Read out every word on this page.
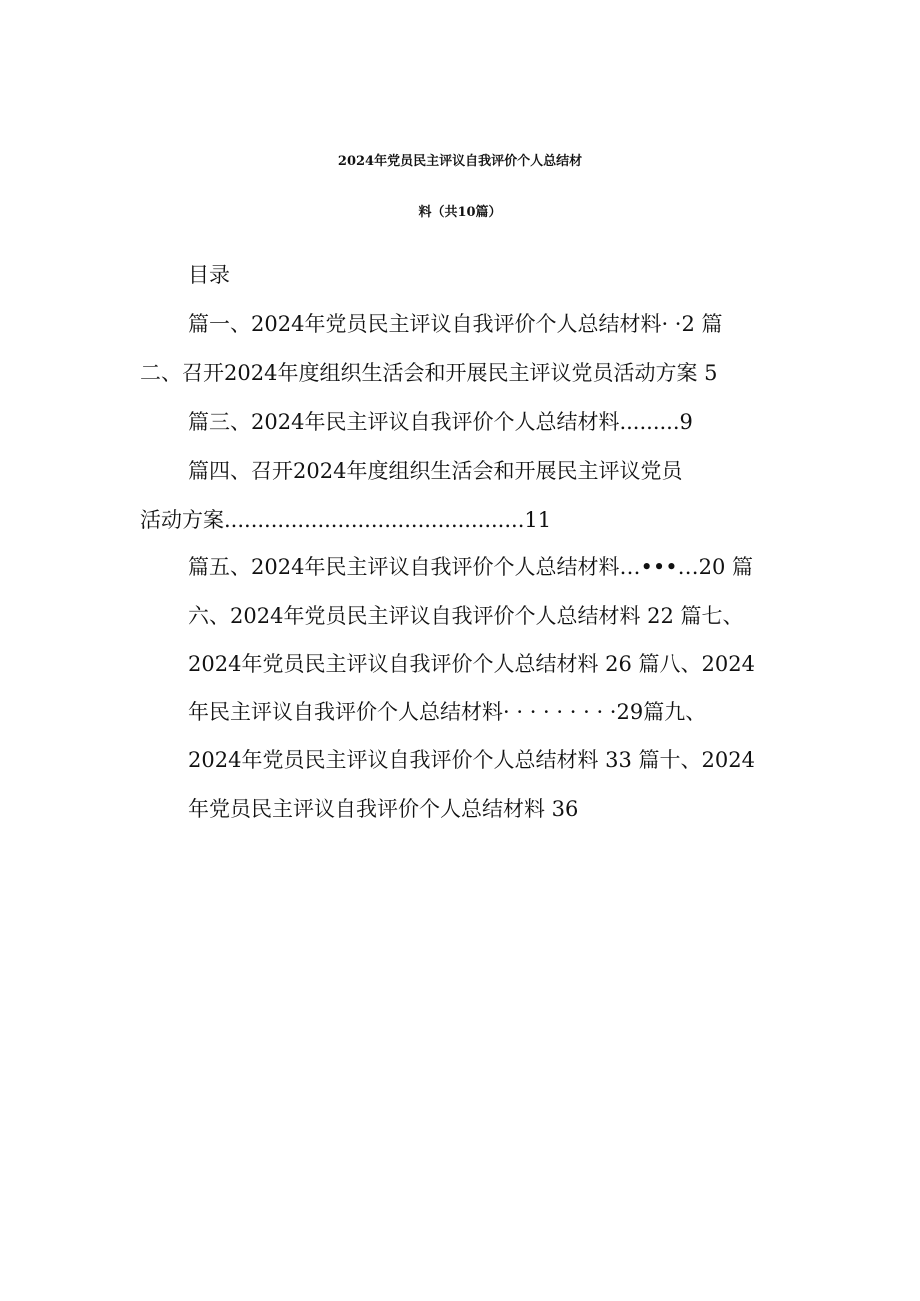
2024年党员民主评议自我评价个人总结材
料（共10篇）

目录

篇一、2024年党员民主评议自我评价个人总结材料· ·2 篇

二、召开2024年度组织生活会和开展民主评议党员活动方案 5

篇三、2024年民主评议自我评价个人总结材料.........9

篇四、召开2024年度组织生活会和开展民主评议党员

活动方案.............................................11

篇五、2024年民主评议自我评价个人总结材料…•••…20 篇

六、2024年党员民主评议自我评价个人总结材料 22 篇七、

2024年党员民主评议自我评价个人总结材料 26 篇八、2024

年民主评议自我评价个人总结材料· · · · · · · · ·29篇九、

2024年党员民主评议自我评价个人总结材料 33 篇十、2024

年党员民主评议自我评价个人总结材料 36
